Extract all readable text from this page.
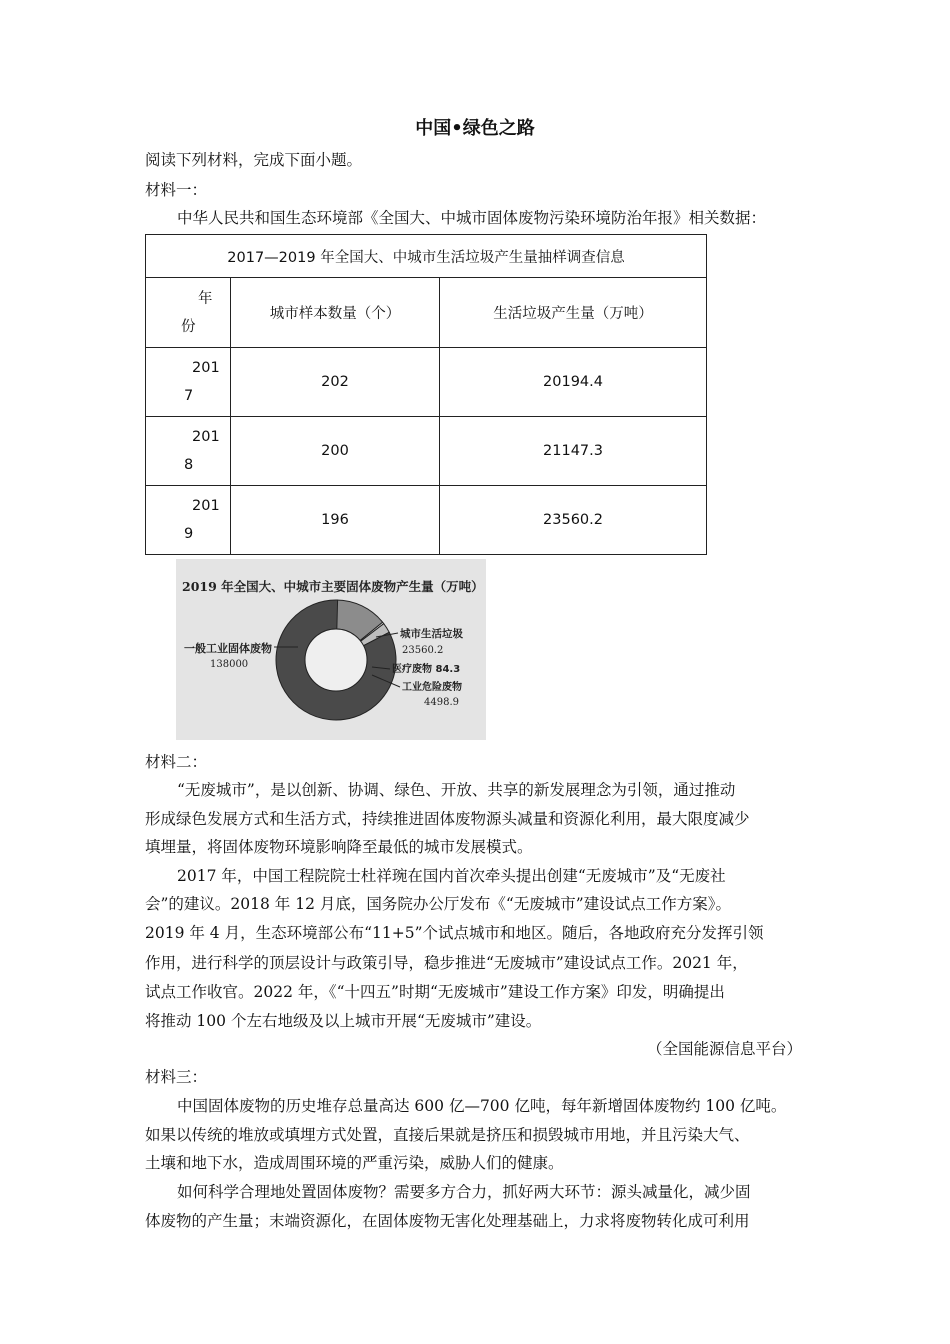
中国•绿色之路
阅读下列材料，完成下面小题。
材料一：
中华人民共和国生态环境部《全国大、中城市固体废物污染环境防治年报》相关数据：
2017—2019 年全国大、中城市生活垃圾产生量抽样调查信息		

年
份	城市样本数量（个）	生活垃圾产生量（万吨）

201
7	202	20194.4

201
8	200	21147.3

201
9	196	23560.2
2019 年全国大、中城市主要固体废物产生量（万吨）
一般工业固体废物
138000
城市生活垃圾
23560.2
医疗废物 84.3
工业危险废物
4498.9
材料二：
“无废城市”，是以创新、协调、绿色、开放、共享的新发展理念为引领，通过推动
形成绿色发展方式和生活方式，持续推进固体废物源头减量和资源化利用，最大限度减少
填埋量，将固体废物环境影响降至最低的城市发展模式。
2017 年，中国工程院院士杜祥琬在国内首次牵头提出创建“无废城市”及“无废社
会”的建议。2018 年 12 月底，国务院办公厅发布《“无废城市”建设试点工作方案》。
2019 年 4 月，生态环境部公布“11+5”个试点城市和地区。随后，各地政府充分发挥引领
作用，进行科学的顶层设计与政策引导，稳步推进“无废城市”建设试点工作。2021 年，
试点工作收官。2022 年，《“十四五”时期“无废城市”建设工作方案》印发，明确提出
将推动 100 个左右地级及以上城市开展“无废城市”建设。
（全国能源信息平台）
材料三：
中国固体废物的历史堆存总量高达 600 亿—700 亿吨，每年新增固体废物约 100 亿吨。
如果以传统的堆放或填埋方式处置，直接后果就是挤压和损毁城市用地，并且污染大气、
土壤和地下水，造成周围环境的严重污染，威胁人们的健康。
如何科学合理地处置固体废物？需要多方合力，抓好两大环节：源头减量化，减少固
体废物的产生量；末端资源化，在固体废物无害化处理基础上，力求将废物转化成可利用
